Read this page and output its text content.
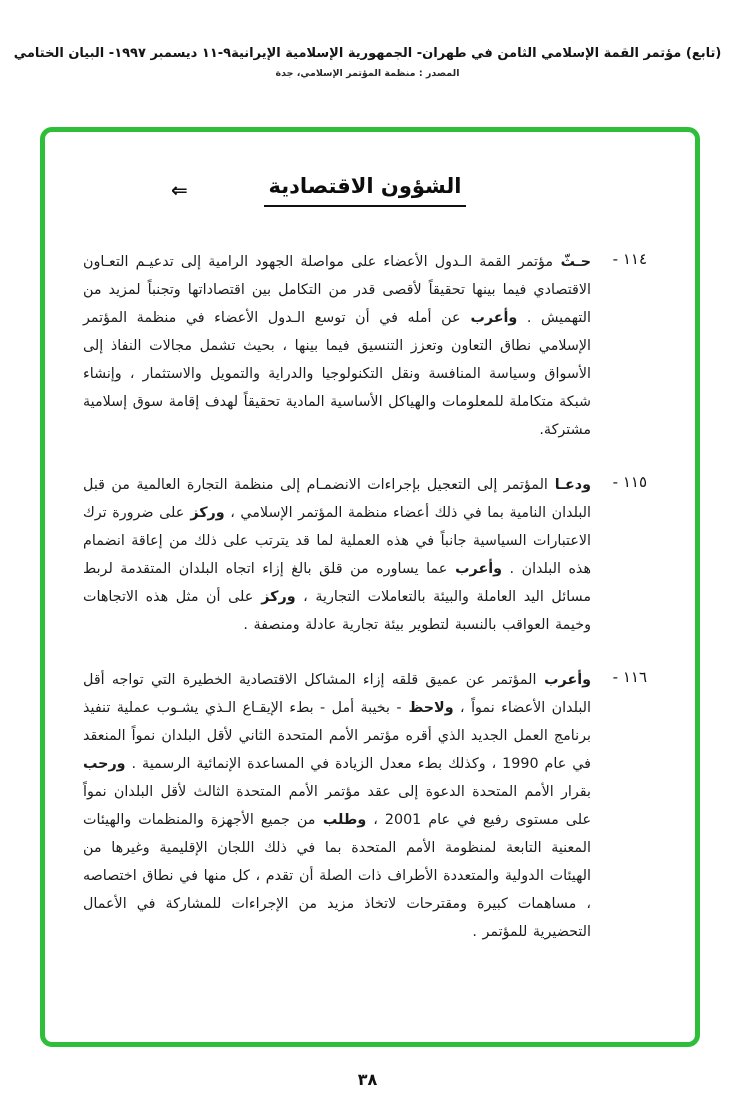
(تابع) مؤتمر القمة الإسلامي الثامن في طهران- الجمهورية الإسلامية الإيرانية٩-١١ ديسمبر ١٩٩٧- البيان الختامي
المصدر : منظمة المؤتمر الإسلامي، جدة
⇐	الشؤون الاقتصادية
١١٤ -
حـثّ مؤتمر القمة الـدول الأعضاء على مواصلة الجهود الرامية إلى تدعيـم التعـاون الاقتصادي فيما بينها تحقيقاً لأقصى قدر من التكامل بين اقتصاداتها وتجنباً لمزيد من التهميش . وأعرب عن أمله في أن توسع الـدول الأعضاء في منظمة المؤتمر الإسلامي نطاق التعاون وتعزز التنسيق فيما بينها ، بحيث تشمل مجالات النفاذ إلى الأسواق وسياسة المنافسة ونقل التكنولوجيا والدراية والتمويل والاستثمار ، وإنشاء شبكة متكاملة للمعلومات والهياكل الأساسية المادية تحقيقاً لهدف إقامة سوق إسلامية مشتركة.
١١٥ -
ودعـا المؤتمر إلى التعجيل بإجراءات الانضمـام إلى منظمة التجارة العالمية من قبل البلدان النامية بما في ذلك أعضاء منظمة المؤتمر الإسلامي ، وركز على ضرورة ترك الاعتبارات السياسية جانباً في هذه العملية لما قد يترتب على ذلك من إعاقة انضمام هذه البلدان . وأعرب عما يساوره من قلق بالغ إزاء اتجاه البلدان المتقدمة لربط مسائل اليد العاملة والبيئة بالتعاملات التجارية ، وركز على أن مثل هذه الاتجاهات وخيمة العواقب بالنسبة لتطوير بيئة تجارية عادلة ومنصفة .
١١٦ -
وأعرب المؤتمر عن عميق قلقه إزاء المشاكل الاقتصادية الخطيرة التي تواجه أقل البلدان الأعضاء نمواً ، ولاحظ - بخيبة أمل - بطء الإيقـاع الـذي يشـوب عملية تنفيذ برنامج العمل الجديد الذي أقره مؤتمر الأمم المتحدة الثاني لأقل البلدان نمواً المنعقد في عام 1990 ، وكذلك بطء معدل الزيادة في المساعدة الإنمائية الرسمية . ورحب بقرار الأمم المتحدة الدعوة إلى عقد مؤتمر الأمم المتحدة الثالث لأقل البلدان نمواً على مستوى رفيع في عام 2001 ، وطلب من جميع الأجهزة والمنظمات والهيئات المعنية التابعة لمنظومة الأمم المتحدة بما في ذلك اللجان الإقليمية وغيرها من الهيئات الدولية والمتعددة الأطراف ذات الصلة أن تقدم ، كل منها في نطاق اختصاصه ، مساهمات كبيرة ومقترحات لاتخاذ مزيد من الإجراءات للمشاركة في الأعمال التحضيرية للمؤتمر .
٣٨
